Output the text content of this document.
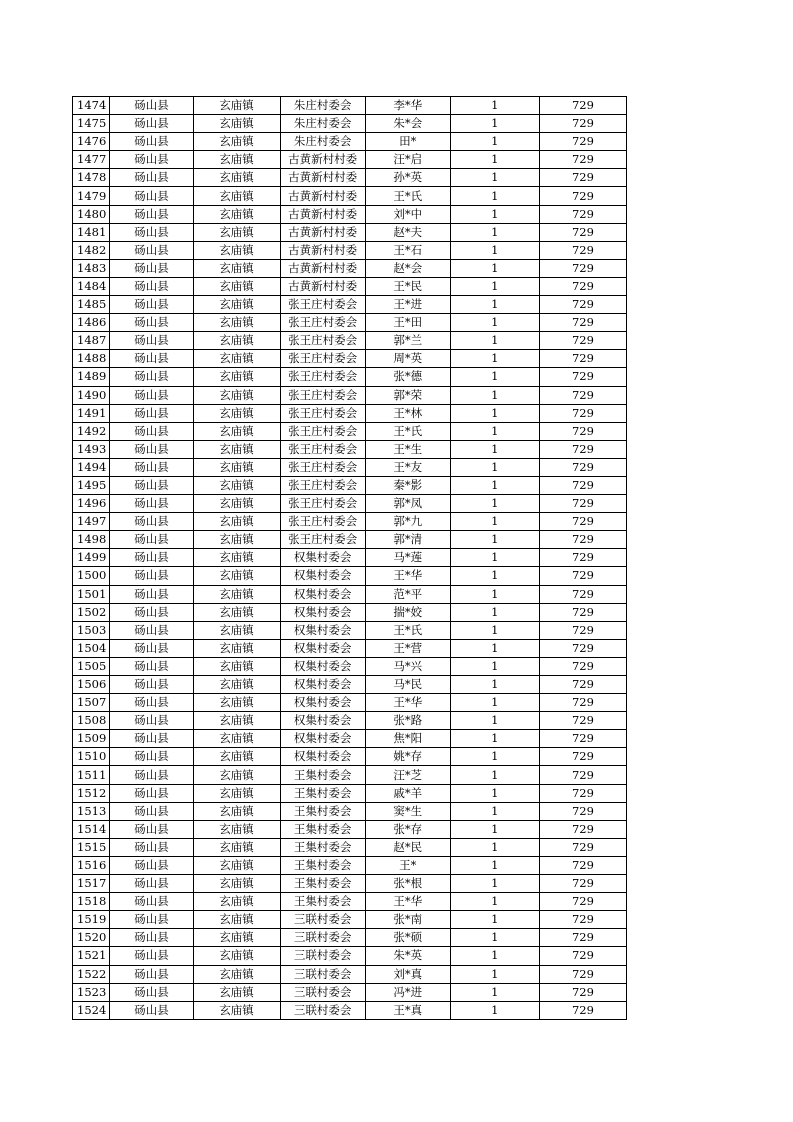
1474	砀山县	玄庙镇	朱庄村委会	李*华	1	729
1475	砀山县	玄庙镇	朱庄村委会	朱*会	1	729
1476	砀山县	玄庙镇	朱庄村委会	田*	1	729
1477	砀山县	玄庙镇	古黄新村村委	汪*启	1	729
1478	砀山县	玄庙镇	古黄新村村委	孙*英	1	729
1479	砀山县	玄庙镇	古黄新村村委	王*氏	1	729
1480	砀山县	玄庙镇	古黄新村村委	刘*中	1	729
1481	砀山县	玄庙镇	古黄新村村委	赵*夫	1	729
1482	砀山县	玄庙镇	古黄新村村委	王*石	1	729
1483	砀山县	玄庙镇	古黄新村村委	赵*会	1	729
1484	砀山县	玄庙镇	古黄新村村委	王*民	1	729
1485	砀山县	玄庙镇	张王庄村委会	王*进	1	729
1486	砀山县	玄庙镇	张王庄村委会	王*田	1	729
1487	砀山县	玄庙镇	张王庄村委会	郭*兰	1	729
1488	砀山县	玄庙镇	张王庄村委会	周*英	1	729
1489	砀山县	玄庙镇	张王庄村委会	张*德	1	729
1490	砀山县	玄庙镇	张王庄村委会	郭*荣	1	729
1491	砀山县	玄庙镇	张王庄村委会	王*林	1	729
1492	砀山县	玄庙镇	张王庄村委会	王*氏	1	729
1493	砀山县	玄庙镇	张王庄村委会	王*生	1	729
1494	砀山县	玄庙镇	张王庄村委会	王*友	1	729
1495	砀山县	玄庙镇	张王庄村委会	秦*影	1	729
1496	砀山县	玄庙镇	张王庄村委会	郭*凤	1	729
1497	砀山县	玄庙镇	张王庄村委会	郭*九	1	729
1498	砀山县	玄庙镇	张王庄村委会	郭*清	1	729
1499	砀山县	玄庙镇	权集村委会	马*莲	1	729
1500	砀山县	玄庙镇	权集村委会	王*华	1	729
1501	砀山县	玄庙镇	权集村委会	范*平	1	729
1502	砀山县	玄庙镇	权集村委会	揣*姣	1	729
1503	砀山县	玄庙镇	权集村委会	王*氏	1	729
1504	砀山县	玄庙镇	权集村委会	王*营	1	729
1505	砀山县	玄庙镇	权集村委会	马*兴	1	729
1506	砀山县	玄庙镇	权集村委会	马*民	1	729
1507	砀山县	玄庙镇	权集村委会	王*华	1	729
1508	砀山县	玄庙镇	权集村委会	张*路	1	729
1509	砀山县	玄庙镇	权集村委会	焦*阳	1	729
1510	砀山县	玄庙镇	权集村委会	姚*存	1	729
1511	砀山县	玄庙镇	王集村委会	汪*芝	1	729
1512	砀山县	玄庙镇	王集村委会	戚*羊	1	729
1513	砀山县	玄庙镇	王集村委会	窦*生	1	729
1514	砀山县	玄庙镇	王集村委会	张*存	1	729
1515	砀山县	玄庙镇	王集村委会	赵*民	1	729
1516	砀山县	玄庙镇	王集村委会	王*	1	729
1517	砀山县	玄庙镇	王集村委会	张*根	1	729
1518	砀山县	玄庙镇	王集村委会	王*华	1	729
1519	砀山县	玄庙镇	三联村委会	张*南	1	729
1520	砀山县	玄庙镇	三联村委会	张*硕	1	729
1521	砀山县	玄庙镇	三联村委会	朱*英	1	729
1522	砀山县	玄庙镇	三联村委会	刘*真	1	729
1523	砀山县	玄庙镇	三联村委会	冯*进	1	729
1524	砀山县	玄庙镇	三联村委会	王*真	1	729
